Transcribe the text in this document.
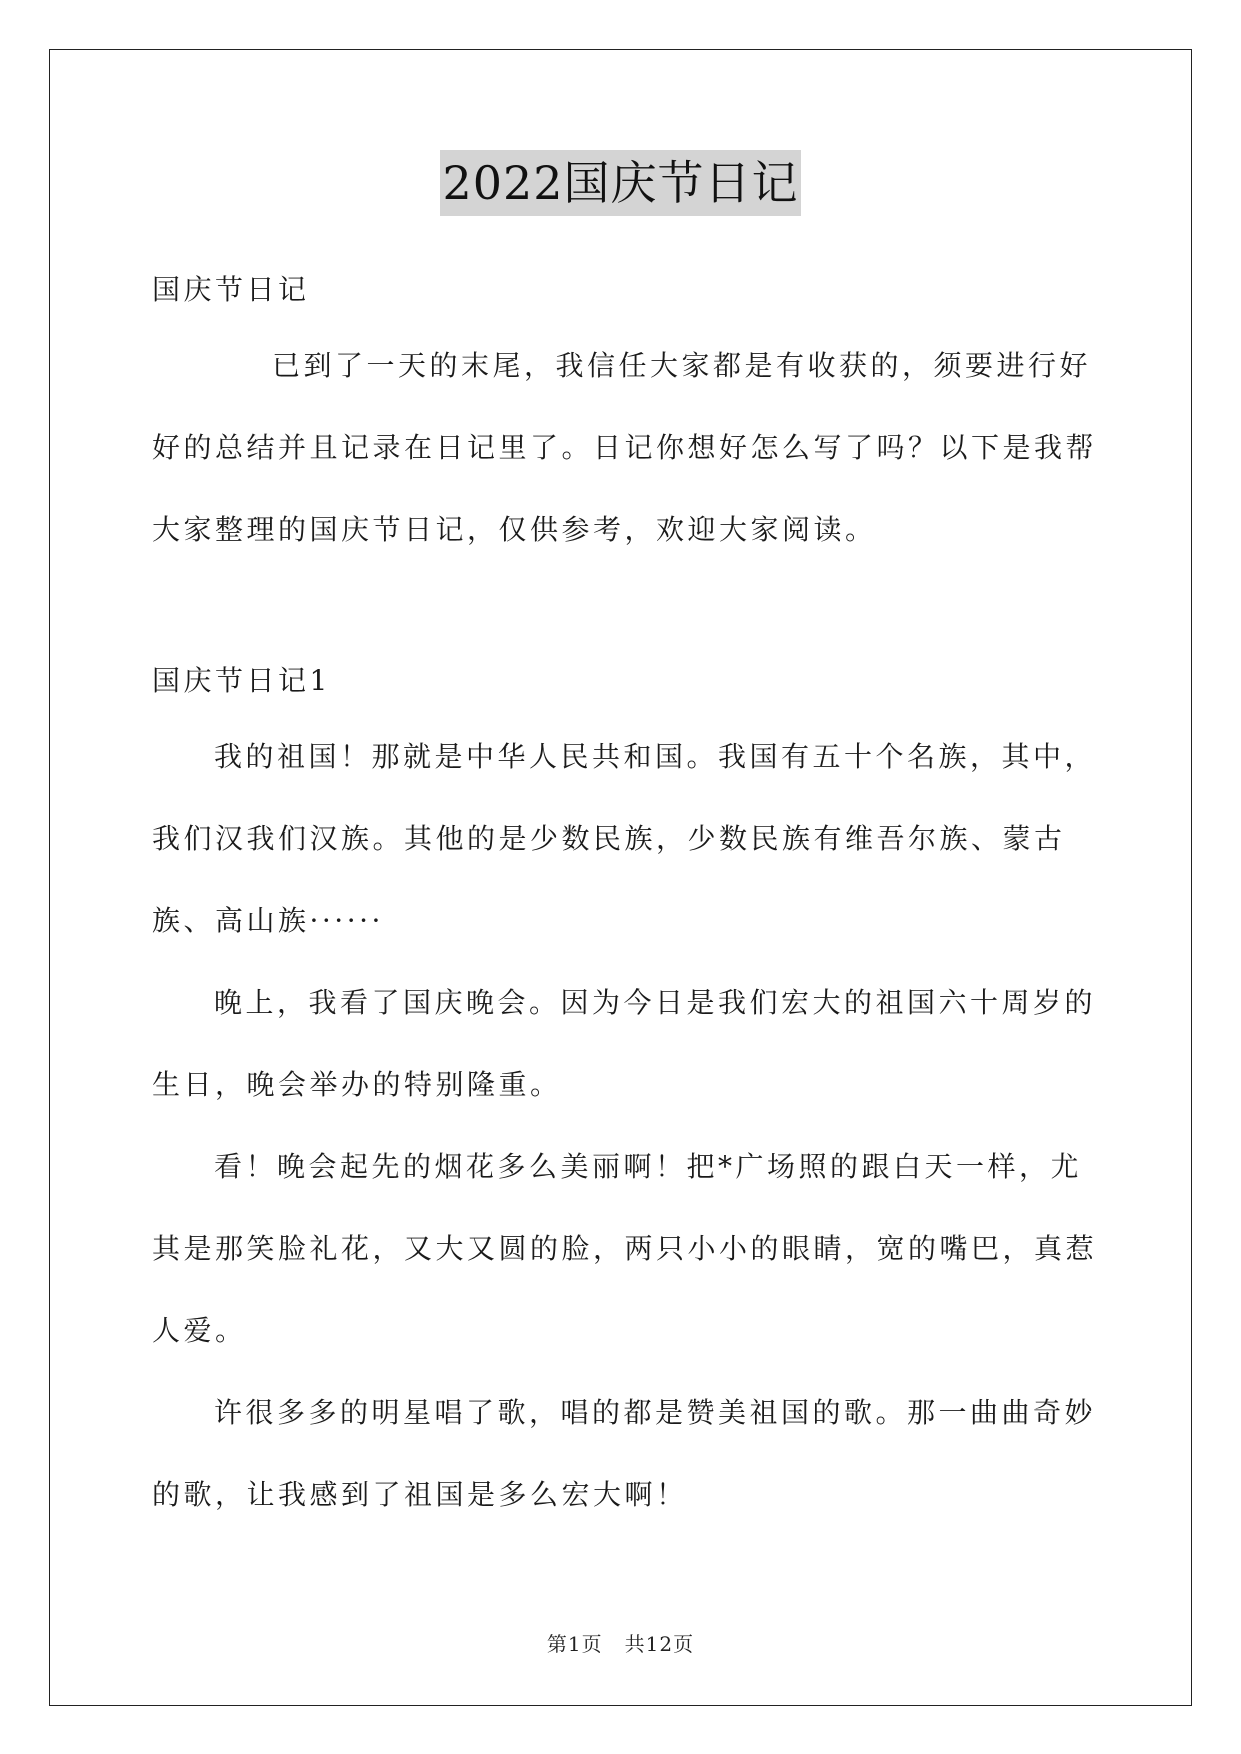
2022国庆节日记

国庆节日记

已到了一天的末尾，我信任大家都是有收获的，须要进行好好的总结并且记录在日记里了。日记你想好怎么写了吗？以下是我帮大家整理的国庆节日记，仅供参考，欢迎大家阅读。

国庆节日记1

我的祖国！那就是中华人民共和国。我国有五十个名族，其中，我们汉我们汉族。其他的是少数民族，少数民族有维吾尔族、蒙古族、高山族······

晚上，我看了国庆晚会。因为今日是我们宏大的祖国六十周岁的生日，晚会举办的特别隆重。

看！晚会起先的烟花多么美丽啊！把*广场照的跟白天一样，尤其是那笑脸礼花，又大又圆的脸，两只小小的眼睛，宽的嘴巴，真惹人爱。

许很多多的明星唱了歌，唱的都是赞美祖国的歌。那一曲曲奇妙的歌，让我感到了祖国是多么宏大啊！

第1页 共12页
